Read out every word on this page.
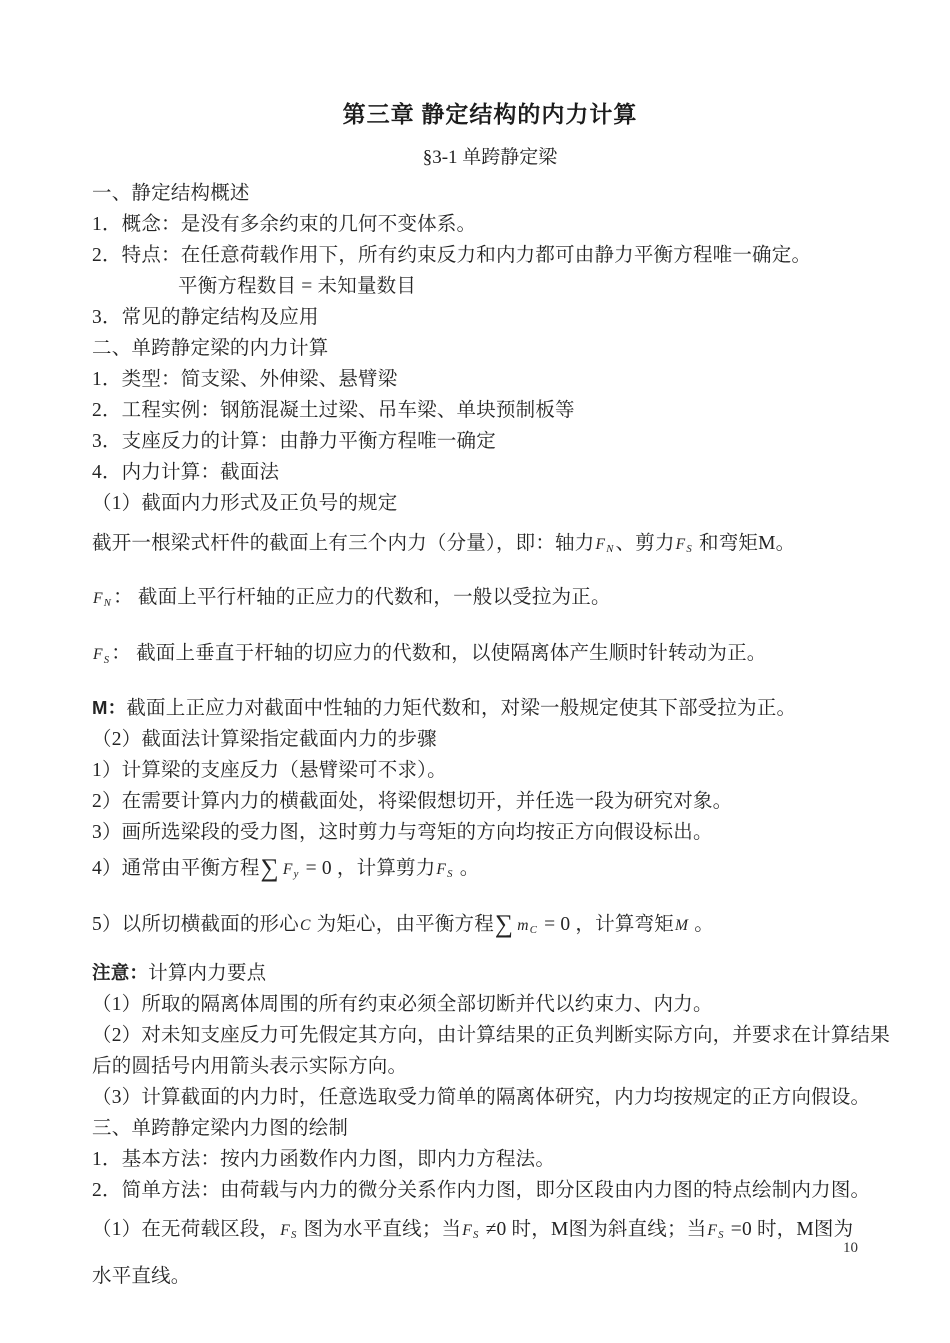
第三章 静定结构的内力计算
§3-1 单跨静定梁
一、静定结构概述
1．概念：是没有多余约束的几何不变体系。
2．特点：在任意荷载作用下，所有约束反力和内力都可由静力平衡方程唯一确定。
平衡方程数目 = 未知量数目
3．常见的静定结构及应用
二、单跨静定梁的内力计算
1．类型：简支梁、外伸梁、悬臂梁
2．工程实例：钢筋混凝土过梁、吊车梁、单块预制板等
3．支座反力的计算：由静力平衡方程唯一确定
4．内力计算：截面法
（1）截面内力形式及正负号的规定
截开一根梁式杆件的截面上有三个内力（分量），即：轴力FN 、剪力FS 和弯矩M。
FN ： 截面上平行杆轴的正应力的代数和，一般以受拉为正。
FS ： 截面上垂直于杆轴的切应力的代数和，以使隔离体产生顺时针转动为正。
M：截面上正应力对截面中性轴的力矩代数和，对梁一般规定使其下部受拉为正。
（2）截面法计算梁指定截面内力的步骤
1）计算梁的支座反力（悬臂梁可不求）。
2）在需要计算内力的横截面处，将梁假想切开，并任选一段为研究对象。
3）画所选梁段的受力图，这时剪力与弯矩的方向均按正方向假设标出。
4）通常由平衡方程∑ Fy = 0 ，计算剪力FS 。
5）以所切横截面的形心C 为矩心，由平衡方程∑ mC = 0 ，计算弯矩M 。
注意：计算内力要点
（1）所取的隔离体周围的所有约束必须全部切断并代以约束力、内力。
（2）对未知支座反力可先假定其方向，由计算结果的正负判断实际方向，并要求在计算结果
后的圆括号内用箭头表示实际方向。
（3）计算截面的内力时，任意选取受力简单的隔离体研究，内力均按规定的正方向假设。
三、单跨静定梁内力图的绘制
1．基本方法：按内力函数作内力图，即内力方程法。
2．简单方法：由荷载与内力的微分关系作内力图，即分区段由内力图的特点绘制内力图。
（1）在无荷载区段，FS 图为水平直线；当FS ≠0 时，M图为斜直线；当FS =0 时，M图为
水平直线。
10
